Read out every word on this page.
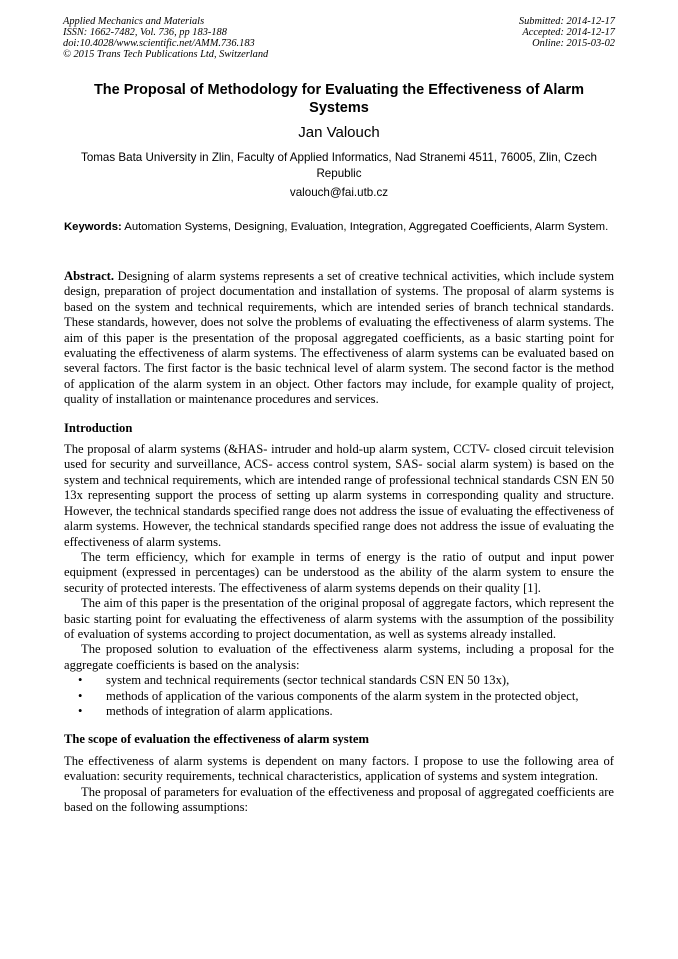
Applied Mechanics and Materials
ISSN: 1662-7482, Vol. 736, pp 183-188
doi:10.4028/www.scientific.net/AMM.736.183
© 2015 Trans Tech Publications Ltd, Switzerland
Submitted: 2014-12-17
Accepted: 2014-12-17
Online: 2015-03-02
The Proposal of Methodology for Evaluating the Effectiveness of Alarm Systems
Jan Valouch
Tomas Bata University in Zlin, Faculty of Applied Informatics, Nad Stranemi 4511, 76005, Zlin, Czech Republic
valouch@fai.utb.cz
Keywords: Automation Systems, Designing, Evaluation, Integration, Aggregated Coefficients, Alarm System.

Abstract. Designing of alarm systems represents a set of creative technical activities, which include system design, preparation of project documentation and installation of systems. The proposal of alarm systems is based on the system and technical requirements, which are intended series of branch technical standards. These standards, however, does not solve the problems of evaluating the effectiveness of alarm systems. The aim of this paper is the presentation of the proposal aggregated coefficients, as a basic starting point for evaluating the effectiveness of alarm systems. The effectiveness of alarm systems can be evaluated based on several factors. The first factor is the basic technical level of alarm system. The second factor is the method of application of the alarm system in an object. Other factors may include, for example quality of project, quality of installation or maintenance procedures and services.

Introduction

The proposal of alarm systems (&HAS- intruder and hold-up alarm system, CCTV- closed circuit television used for security and surveillance, ACS- access control system, SAS- social alarm system) is based on the system and technical requirements, which are intended range of professional technical standards CSN EN 50 13x representing support the process of setting up alarm systems in corresponding quality and structure. However, the technical standards specified range does not address the issue of evaluating the effectiveness of alarm systems. However, the technical standards specified range does not address the issue of evaluating the effectiveness of alarm systems.

The term efficiency, which for example in terms of energy is the ratio of output and input power equipment (expressed in percentages) can be understood as the ability of the alarm system to ensure the security of protected interests. The effectiveness of alarm systems depends on their quality [1].

The aim of this paper is the presentation of the original proposal of aggregate factors, which represent the basic starting point for evaluating the effectiveness of alarm systems with the assumption of the possibility of evaluation of systems according to project documentation, as well as systems already installed.

The proposed solution to evaluation of the effectiveness alarm systems, including a proposal for the aggregate coefficients is based on the analysis:

• system and technical requirements (sector technical standards CSN EN 50 13x),
• methods of application of the various components of the alarm system in the protected object,
• methods of integration of alarm applications.
The scope of evaluation the effectiveness of alarm system

The effectiveness of alarm systems is dependent on many factors. I propose to use the following area of evaluation: security requirements, technical characteristics, application of systems and system integration.

The proposal of parameters for evaluation of the effectiveness and proposal of aggregated coefficients are based on the following assumptions:
